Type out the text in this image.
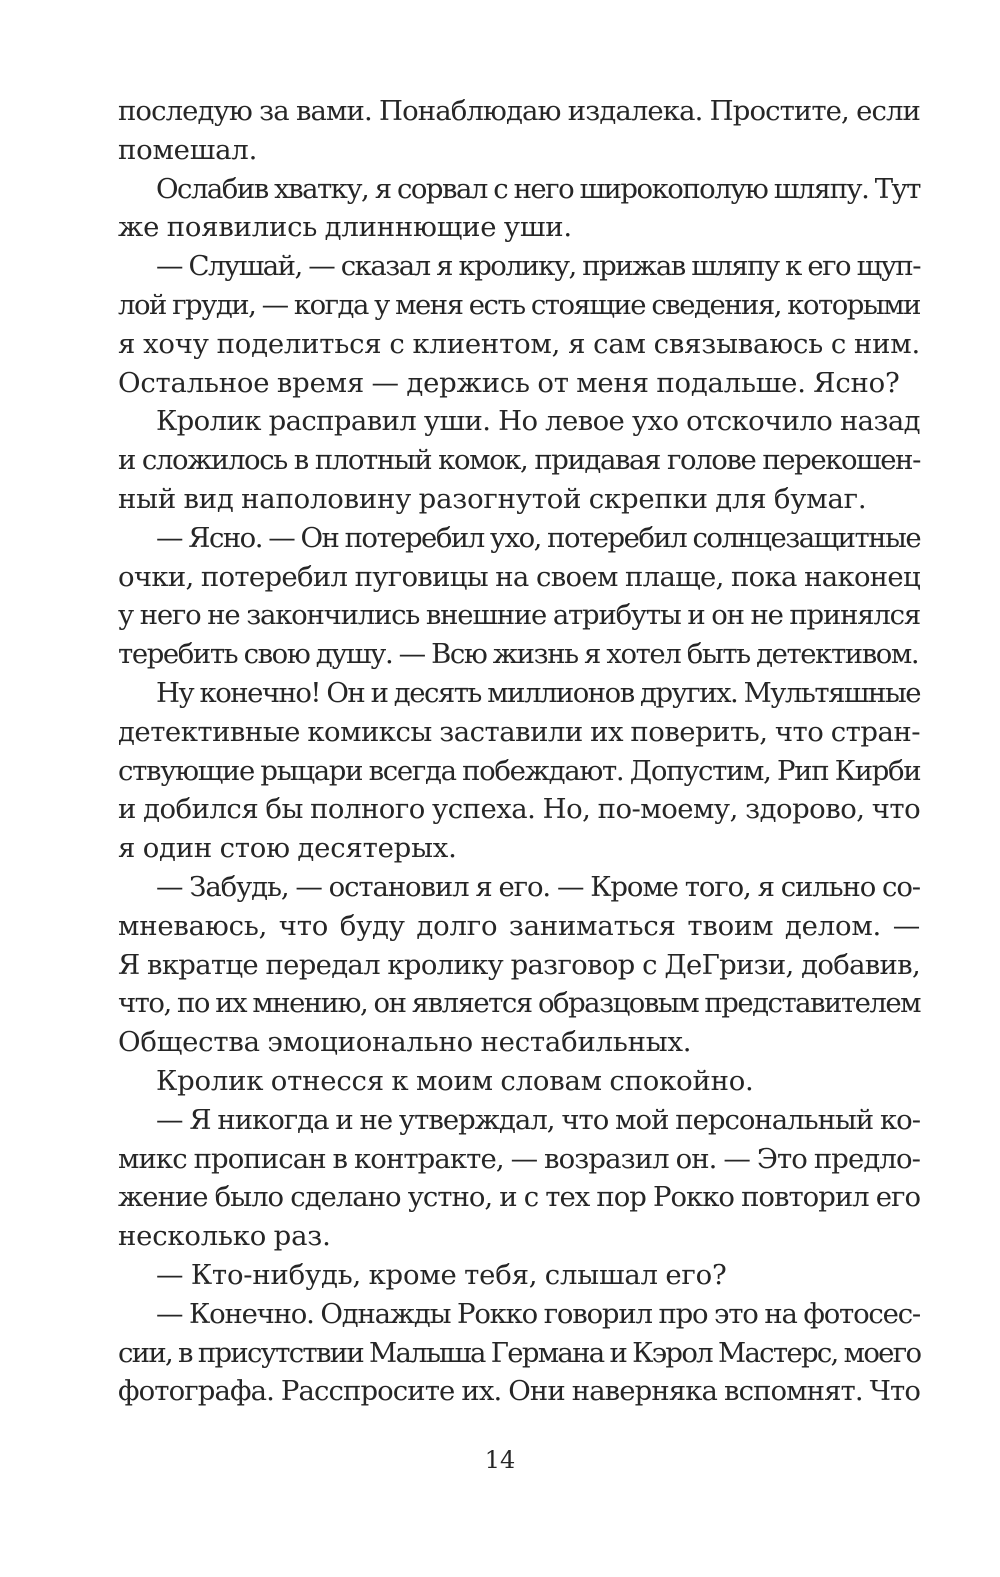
последую за вами. Понаблюдаю издалека. Простите, если
помешал.
Ослабив хватку, я сорвал с него широкополую шляпу. Тут
же появились длиннющие уши.
— Слушай, — сказал я кролику, прижав шляпу к его щуп-
лой груди, — когда у меня есть стоящие сведения, которыми
я хочу поделиться с клиентом, я сам связываюсь с ним.
Остальное время — держись от меня подальше. Ясно?
Кролик расправил уши. Но левое ухо отскочило назад
и сложилось в плотный комок, придавая голове перекошен-
ный вид наполовину разогнутой скрепки для бумаг.
— Ясно. — Он потеребил ухо, потеребил солнцезащитные
очки, потеребил пуговицы на своем плаще, пока наконец
у него не закончились внешние атрибуты и он не принялся
теребить свою душу. — Всю жизнь я хотел быть детективом.
Ну конечно! Он и десять миллионов других. Мультяшные
детективные комиксы заставили их поверить, что стран-
ствующие рыцари всегда побеждают. Допустим, Рип Кирби
и добился бы полного успеха. Но, по-моему, здорово, что
я один стою десятерых.
— Забудь, — остановил я его. — Кроме того, я сильно со-
мневаюсь, что буду долго заниматься твоим делом. —
Я вкратце передал кролику разговор с ДеГризи, добавив,
что, по их мнению, он является образцовым представителем
Общества эмоционально нестабильных.
Кролик отнесся к моим словам спокойно.
— Я никогда и не утверждал, что мой персональный ко-
микс прописан в контракте, — возразил он. — Это предло-
жение было сделано устно, и с тех пор Рокко повторил его
несколько раз.
— Кто-нибудь, кроме тебя, слышал его?
— Конечно. Однажды Рокко говорил про это на фотосес-
сии, в присутствии Малыша Германа и Кэрол Мастерс, моего
фотографа. Расспросите их. Они наверняка вспомнят. Что
14
